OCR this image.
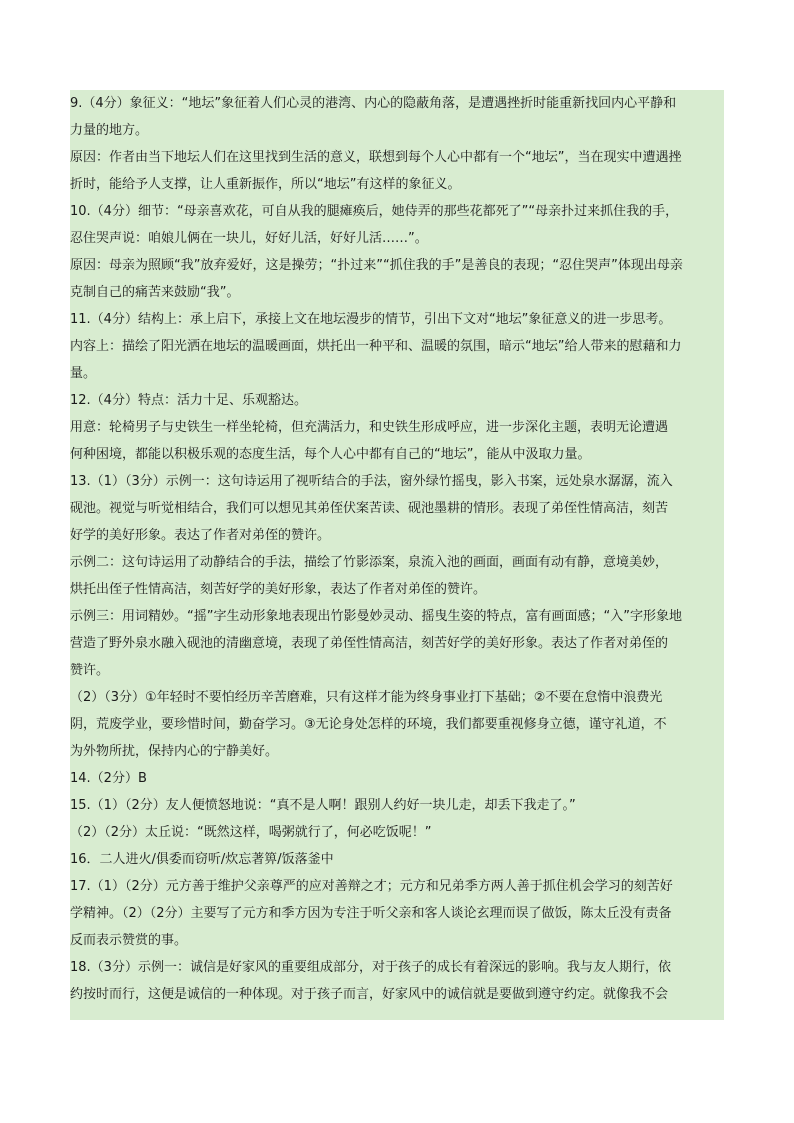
9.（4分）象征义：“地坛”象征着人们心灵的港湾、内心的隐蔽角落，是遭遇挫折时能重新找回内心平静和
力量的地方。
原因：作者由当下地坛人们在这里找到生活的意义，联想到每个人心中都有一个“地坛”，当在现实中遭遇挫
折时，能给予人支撑，让人重新振作，所以“地坛”有这样的象征义。
10.（4分）细节：“母亲喜欢花，可自从我的腿瘫痪后，她侍弄的那些花都死了”“母亲扑过来抓住我的手，
忍住哭声说：咱娘儿俩在一块儿，好好儿活，好好儿活……”。
原因：母亲为照顾“我”放弃爱好，这是操劳；“扑过来”“抓住我的手”是善良的表现；“忍住哭声”体现出母亲
克制自己的痛苦来鼓励“我”。
11.（4分）结构上：承上启下，承接上文在地坛漫步的情节，引出下文对“地坛”象征意义的进一步思考。
内容上：描绘了阳光洒在地坛的温暖画面，烘托出一种平和、温暖的氛围，暗示“地坛”给人带来的慰藉和力
量。
12.（4分）特点：活力十足、乐观豁达。
用意：轮椅男子与史铁生一样坐轮椅，但充满活力，和史铁生形成呼应，进一步深化主题，表明无论遭遇
何种困境，都能以积极乐观的态度生活，每个人心中都有自己的“地坛”，能从中汲取力量。
13.（1）（3分）示例一：这句诗运用了视听结合的手法，窗外绿竹摇曳，影入书案，远处泉水潺潺，流入
砚池。视觉与听觉相结合，我们可以想见其弟侄伏案苦读、砚池墨耕的情形。表现了弟侄性情高洁，刻苦
好学的美好形象。表达了作者对弟侄的赞许。
示例二：这句诗运用了动静结合的手法，描绘了竹影添案，泉流入池的画面，画面有动有静，意境美妙，
烘托出侄子性情高洁，刻苦好学的美好形象，表达了作者对弟侄的赞许。
示例三：用词精妙。“摇”字生动形象地表现出竹影曼妙灵动、摇曳生姿的特点，富有画面感；“入”字形象地
营造了野外泉水融入砚池的清幽意境，表现了弟侄性情高洁，刻苦好学的美好形象。表达了作者对弟侄的
赞许。
（2）（3分）①年轻时不要怕经历辛苦磨难，只有这样才能为终身事业打下基础；②不要在怠惰中浪费光
阴，荒废学业，要珍惜时间，勤奋学习。③无论身处怎样的环境，我们都要重视修身立德，谨守礼道，不
为外物所扰，保持内心的宁静美好。
14.（2分）B
15.（1）（2分）友人便愤怒地说：“真不是人啊！跟别人约好一块儿走，却丢下我走了。”
（2）（2分）太丘说：“既然这样，喝粥就行了，何必吃饭呢！”
16．二人进火/俱委而窃听/炊忘著箅/饭落釜中
17.（1）（2分）元方善于维护父亲尊严的应对善辩之才；元方和兄弟季方两人善于抓住机会学习的刻苦好
学精神。（2）（2分）主要写了元方和季方因为专注于听父亲和客人谈论玄理而误了做饭，陈太丘没有责备
反而表示赞赏的事。
18.（3分）示例一：诚信是好家风的重要组成部分，对于孩子的成长有着深远的影响。我与友人期行，依
约按时而行，这便是诚信的一种体现。对于孩子而言，好家风中的诚信就是要做到遵守约定。就像我不会
